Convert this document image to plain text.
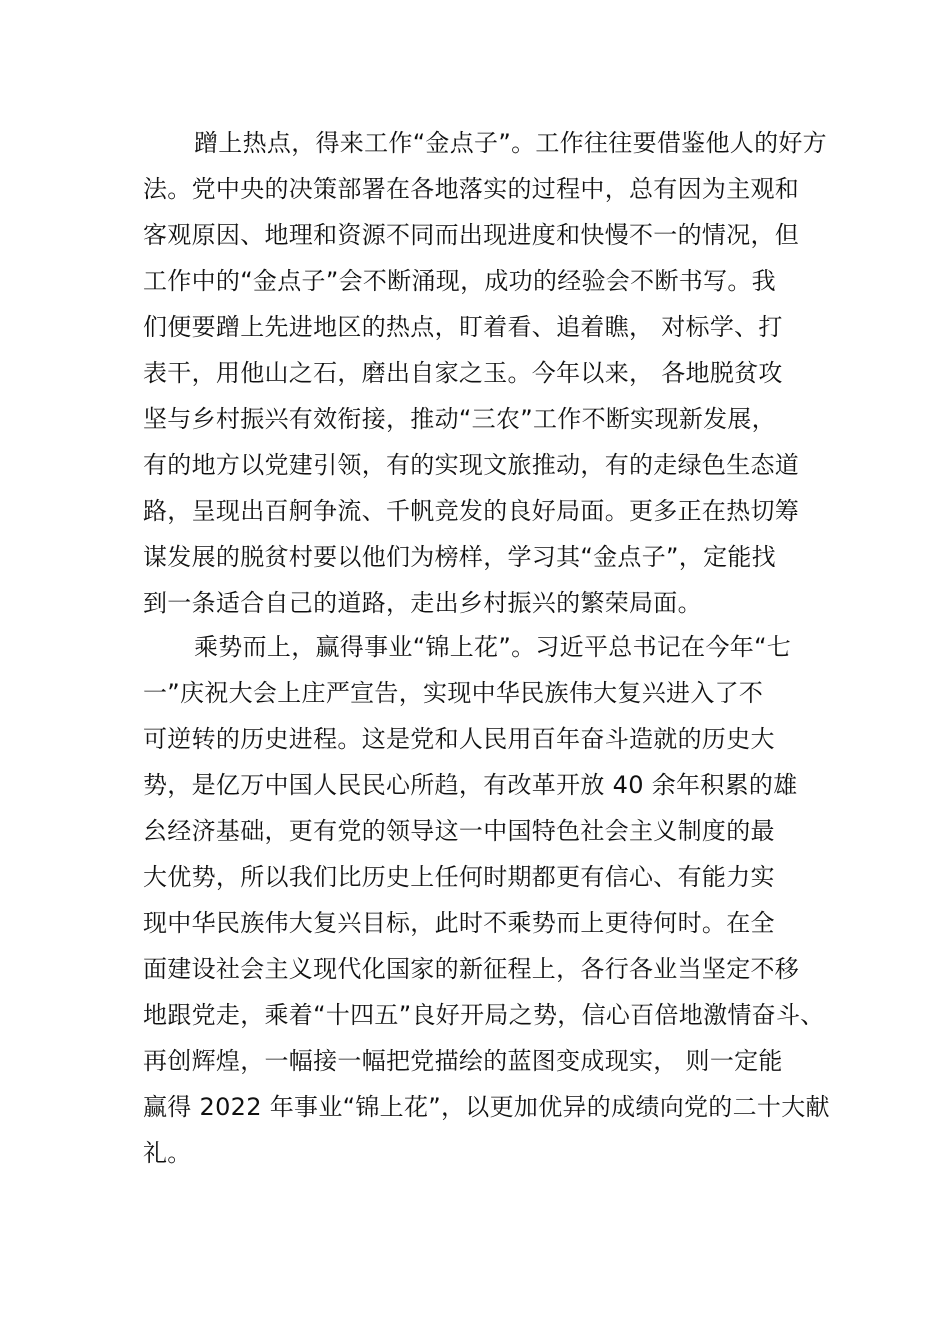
蹭上热点，得来工作“金点子”。工作往往要借鉴他人的好方
法。党中央的决策部署在各地落实的过程中，总有因为主观和
客观原因、地理和资源不同而出现进度和快慢不一的情况，但
工作中的“金点子”会不断涌现，成功的经验会不断书写。我
们便要蹭上先进地区的热点，盯着看、追着瞧， 对标学、打
表干，用他山之石，磨出自家之玉。今年以来， 各地脱贫攻
坚与乡村振兴有效衔接，推动“三农”工作不断实现新发展，
有的地方以党建引领，有的实现文旅推动，有的走绿色生态道
路，呈现出百舸争流、千帆竞发的良好局面。更多正在热切筹
谋发展的脱贫村要以他们为榜样，学习其“金点子”，定能找
到一条适合自己的道路，走出乡村振兴的繁荣局面。
乘势而上，赢得事业“锦上花”。习近平总书记在今年“七
一”庆祝大会上庄严宣告，实现中华民族伟大复兴进入了不
可逆转的历史进程。这是党和人民用百年奋斗造就的历史大
势，是亿万中国人民民心所趋，有改革开放 40 余年积累的雄
㕕经济基础，更有党的领导这一中国特色社会主义制度的最
大优势，所以我们比历史上任何时期都更有信心、有能力实
现中华民族伟大复兴目标，此时不乘势而上更待何时。在全
面建设社会主义现代化国家的新征程上，各行各业当坚定不移
地跟党走，乘着“十四五”良好开局之势，信心百倍地激情奋斗、
再创辉煌，一幅接一幅把党描绘的蓝图变成现实， 则一定能
赢得 2022 年事业“锦上花”，以更加优异的成绩向党的二十大献
礼。
